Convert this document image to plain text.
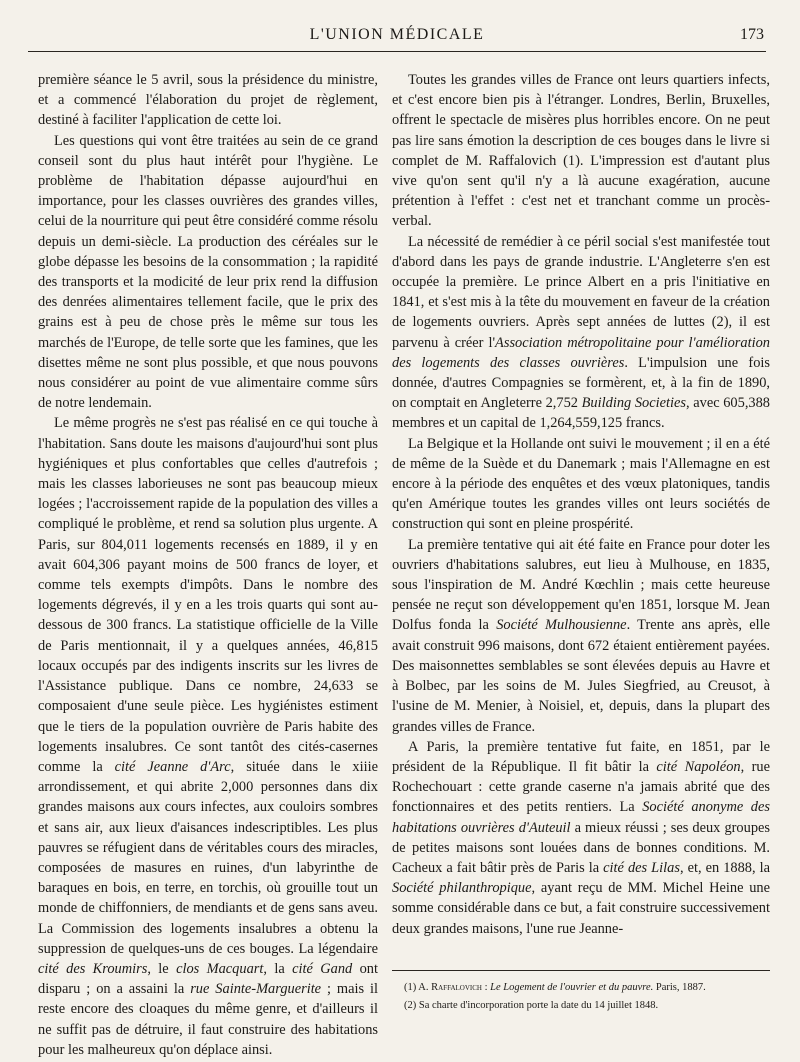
L'UNION MÉDICALE	173

première séance le 5 avril, sous la présidence du ministre, et a commencé l'élaboration du projet de règlement, destiné à faciliter l'application de cette loi.

Les questions qui vont être traitées au sein de ce grand conseil sont du plus haut intérêt pour l'hygiène. Le problème de l'habitation dépasse aujourd'hui en importance, pour les classes ouvrières des grandes villes, celui de la nourriture qui peut être considéré comme résolu depuis un demi-siècle. La production des céréales sur le globe dépasse les besoins de la consommation ; la rapidité des transports et la modicité de leur prix rend la diffusion des denrées alimentaires tellement facile, que le prix des grains est à peu de chose près le même sur tous les marchés de l'Europe, de telle sorte que les famines, que les disettes même ne sont plus possible, et que nous pouvons nous considérer au point de vue alimentaire comme sûrs de notre lendemain.

Le même progrès ne s'est pas réalisé en ce qui touche à l'habitation. Sans doute les maisons d'aujourd'hui sont plus hygiéniques et plus confortables que celles d'autrefois ; mais les classes laborieuses ne sont pas beaucoup mieux logées ; l'accroissement rapide de la population des villes a compliqué le problème, et rend sa solution plus urgente. A Paris, sur 804,011 logements recensés en 1889, il y en avait 604,306 payant moins de 500 francs de loyer, et comme tels exempts d'impôts. Dans le nombre des logements dégrevés, il y en a les trois quarts qui sont au-dessous de 300 francs. La statistique officielle de la Ville de Paris mentionnait, il y a quelques années, 46,815 locaux occupés par des indigents inscrits sur les livres de l'Assistance publique. Dans ce nombre, 24,633 se composaient d'une seule pièce. Les hygiénistes estiment que le tiers de la population ouvrière de Paris habite des logements insalubres. Ce sont tantôt des cités-casernes comme la cité Jeanne d'Arc, située dans le xiiie arrondissement, et qui abrite 2,000 personnes dans dix grandes maisons aux cours infectes, aux couloirs sombres et sans air, aux lieux d'aisances indescriptibles. Les plus pauvres se réfugient dans de véritables cours des miracles, composées de masures en ruines, d'un labyrinthe de baraques en bois, en terre, en torchis, où grouille tout un monde de chiffonniers, de mendiants et de gens sans aveu. La Commission des logements insalubres a obtenu la suppression de quelques-uns de ces bouges. La légendaire cité des Kroumirs, le clos Macquart, la cité Gand ont disparu ; on a assaini la rue Sainte-Marguerite ; mais il reste encore des cloaques du même genre, et d'ailleurs il ne suffit pas de détruire, il faut construire des habitations pour les malheureux qu'on déplace ainsi.

Toutes les grandes villes de France ont leurs quartiers infects, et c'est encore bien pis à l'étranger. Londres, Berlin, Bruxelles, offrent le spectacle de misères plus horribles encore. On ne peut pas lire sans émotion la description de ces bouges dans le livre si complet de M. Raffalovich (1). L'impression est d'autant plus vive qu'on sent qu'il n'y a là aucune exagération, aucune prétention à l'effet : c'est net et tranchant comme un procès-verbal.

La nécessité de remédier à ce péril social s'est manifestée tout d'abord dans les pays de grande industrie. L'Angleterre s'en est occupée la première. Le prince Albert en a pris l'initiative en 1841, et s'est mis à la tête du mouvement en faveur de la création de logements ouvriers. Après sept années de luttes (2), il est parvenu à créer l'Association métropolitaine pour l'amélioration des logements des classes ouvrières. L'impulsion une fois donnée, d'autres Compagnies se formèrent, et, à la fin de 1890, on comptait en Angleterre 2,752 Building Societies, avec 605,388 membres et un capital de 1,264,559,125 francs.

La Belgique et la Hollande ont suivi le mouvement ; il en a été de même de la Suède et du Danemark ; mais l'Allemagne en est encore à la période des enquêtes et des vœux platoniques, tandis qu'en Amérique toutes les grandes villes ont leurs sociétés de construction qui sont en pleine prospérité.

La première tentative qui ait été faite en France pour doter les ouvriers d'habitations salubres, eut lieu à Mulhouse, en 1835, sous l'inspiration de M. André Kœchlin ; mais cette heureuse pensée ne reçut son développement qu'en 1851, lorsque M. Jean Dolfus fonda la Société Mulhousienne. Trente ans après, elle avait construit 996 maisons, dont 672 étaient entièrement payées. Des maisonnettes semblables se sont élevées depuis au Havre et à Bolbec, par les soins de M. Jules Siegfried, au Creusot, à l'usine de M. Menier, à Noisiel, et, depuis, dans la plupart des grandes villes de France.

A Paris, la première tentative fut faite, en 1851, par le président de la République. Il fit bâtir la cité Napoléon, rue Rochechouart : cette grande caserne n'a jamais abrité que des fonctionnaires et des petits rentiers. La Société anonyme des habitations ouvrières d'Auteuil a mieux réussi ; ses deux groupes de petites maisons sont louées dans de bonnes conditions. M. Cacheux a fait bâtir près de Paris la cité des Lilas, et, en 1888, la Société philanthropique, ayant reçu de MM. Michel Heine une somme considérable dans ce but, a fait construire successivement deux grandes maisons, l'une rue Jeanne-

(1) A. Raffalovich : Le Logement de l'ouvrier et du pauvre. Paris, 1887.

(2) Sa charte d'incorporation porte la date du 14 juillet 1848.
